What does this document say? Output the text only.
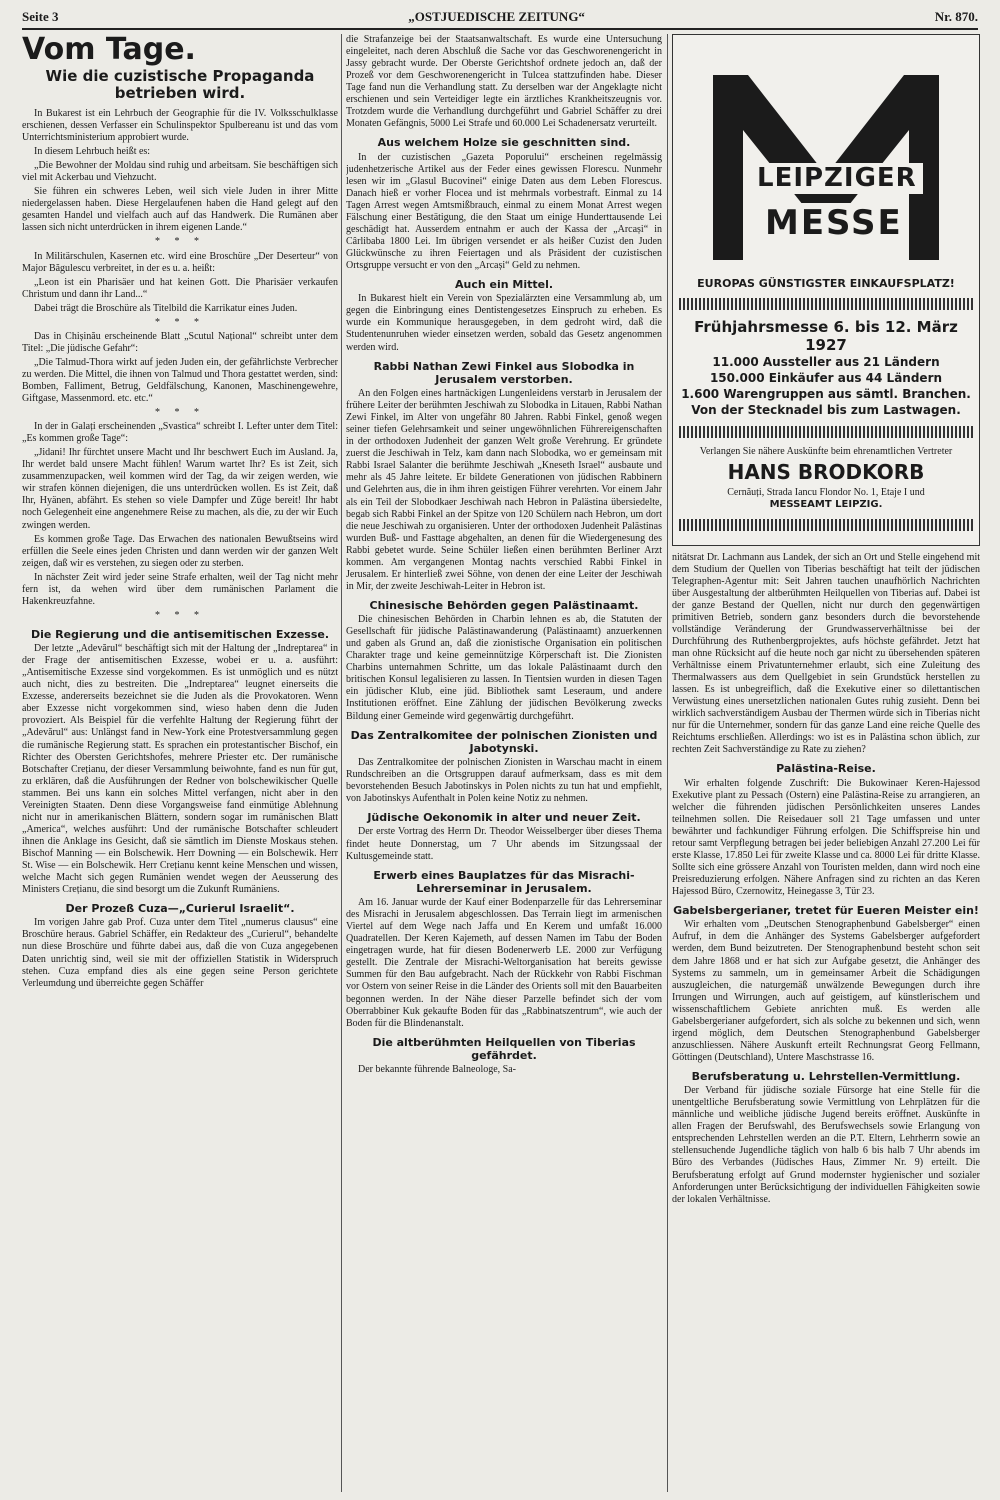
Seite 3	„OSTJUEDISCHE ZEITUNG“	Nr. 870.
Vom Tage.
Wie die cuzistische Propaganda betrieben wird.

In Bukarest ist ein Lehrbuch der Geographie für die IV. Volksschulklasse erschienen, dessen Verfasser ein Schulinspektor Spulbereanu ist und das vom Unterrichtsministerium approbiert wurde.

In diesem Lehrbuch heißt es:

„Die Bewohner der Moldau sind ruhig und arbeitsam. Sie beschäftigen sich viel mit Ackerbau und Viehzucht.

Sie führen ein schweres Leben, weil sich viele Juden in ihrer Mitte niedergelassen haben. Diese Hergelaufenen haben die Hand gelegt auf den gesamten Handel und vielfach auch auf das Handwerk. Die Rumänen aber lassen sich nicht unterdrücken in ihrem eigenen Lande.“

* * *

In Militärschulen, Kasernen etc. wird eine Broschüre „Der Deserteur“ von Major Băgulescu verbreitet, in der es u. a. heißt:

„Leon ist ein Pharisäer und hat keinen Gott. Die Pharisäer verkaufen Christum und dann ihr Land...“

Dabei trägt die Broschüre als Titelbild die Karrikatur eines Juden.

* * *

Das in Chișinău erscheinende Blatt „Scutul Național“ schreibt unter dem Titel: „Die jüdische Gefahr“:

„Die Talmud-Thora wirkt auf jeden Juden ein, der gefährlichste Verbrecher zu werden. Die Mittel, die ihnen von Talmud und Thora gestattet werden, sind: Bomben, Falliment, Betrug, Geldfälschung, Kanonen, Maschinengewehre, Giftgase, Massenmord. etc. etc.“

* * *

In der in Galați erscheinenden „Svastica“ schreibt I. Lefter unter dem Titel: „Es kommen große Tage“:

„Jidani! Ihr fürchtet unsere Macht und Ihr beschwert Euch im Ausland. Ja, Ihr werdet bald unsere Macht fühlen! Warum wartet Ihr? Es ist Zeit, sich zusammenzupacken, weil kommen wird der Tag, da wir zeigen werden, wie wir strafen können diejenigen, die uns unterdrücken wollen. Es ist Zeit, daß Ihr, Hyänen, abfährt. Es stehen so viele Dampfer und Züge bereit! Ihr habt noch Gelegenheit eine angenehmere Reise zu machen, als die, zu der wir Euch zwingen werden.

Es kommen große Tage. Das Erwachen des nationalen Bewußtseins wird erfüllen die Seele eines jeden Christen und dann werden wir der ganzen Welt zeigen, daß wir es verstehen, zu siegen oder zu sterben.

In nächster Zeit wird jeder seine Strafe erhalten, weil der Tag nicht mehr fern ist, da wehen wird über dem rumänischen Parlament die Hakenkreuzfahne.

* * *
Die Regierung und die antisemitischen Exzesse.

Der letzte „Adevărul“ beschäftigt sich mit der Haltung der „Indreptarea“ in der Frage der antisemitischen Exzesse, wobei er u. a. ausführt: „Antisemitische Exzesse sind vorgekommen. Es ist unmöglich und es nützt auch nicht, dies zu bestreiten. Die „Indreptarea“ leugnet einerseits die Exzesse, andererseits bezeichnet sie die Juden als die Provokatoren. Wenn aber Exzesse nicht vorgekommen sind, wieso haben denn die Juden provoziert. Als Beispiel für die verfehlte Haltung der Regierung führt der „Adevărul“ aus: Unlängst fand in New-York eine Protestversammlung gegen die rumänische Regierung statt. Es sprachen ein protestantischer Bischof, ein Richter des Obersten Gerichtshofes, mehrere Priester etc. Der rumänische Botschafter Crețianu, der dieser Versammlung beiwohnte, fand es nun für gut, zu erklären, daß die Ausführungen der Redner von bolschewikischer Quelle stammen. Bei uns kann ein solches Mittel verfangen, nicht aber in den Vereinigten Staaten. Denn diese Vorgangsweise fand einmütige Ablehnung nicht nur in amerikanischen Blättern, sondern sogar im rumänischen Blatt „America“, welches ausführt: Und der rumänische Botschafter schleudert ihnen die Anklage ins Gesicht, daß sie sämtlich im Dienste Moskaus stehen. Bischof Manning — ein Bolschewik. Herr Downing — ein Bolschewik. Herr St. Wise — ein Bolschewik. Herr Crețianu kennt keine Menschen und wissen, welche Macht sich gegen Rumänien wendet wegen der Aeusserung des Ministers Crețianu, die sind besorgt um die Zukunft Rumäniens.

Der Prozeß Cuza—„Curierul Israelit“.

Im vorigen Jahre gab Prof. Cuza unter dem Titel „numerus clausus“ eine Broschüre heraus. Gabriel Schäffer, ein Redakteur des „Curierul“, behandelte nun diese Broschüre und führte dabei aus, daß die von Cuza angegebenen Daten unrichtig sind, weil sie mit der offiziellen Statistik in Widerspruch stehen. Cuza empfand dies als eine gegen seine Person gerichtete Verleumdung und überreichte gegen Schäffer

die Strafanzeige bei der Staatsanwaltschaft. Es wurde eine Untersuchung eingeleitet, nach deren Abschluß die Sache vor das Geschworenengericht in Jassy gebracht wurde. Der Oberste Gerichtshof ordnete jedoch an, daß der Prozeß vor dem Geschworenengericht in Tulcea stattzufinden habe. Dieser Tage fand nun die Verhandlung statt. Zu derselben war der Angeklagte nicht erschienen und sein Verteidiger legte ein ärztliches Krankheitszeugnis vor. Trotzdem wurde die Verhandlung durchgeführt und Gabriel Schäffer zu drei Monaten Gefängnis, 5000 Lei Strafe und 60.000 Lei Schadenersatz verurteilt.

Aus welchem Holze sie geschnitten sind.

In der cuzistischen „Gazeta Poporului“ erscheinen regelmässig judenhetzerische Artikel aus der Feder eines gewissen Florescu. Nunmehr lesen wir im „Glasul Bucovinei“ einige Daten aus dem Leben Florescus. Danach hieß er vorher Flocea und ist mehrmals vorbestraft. Einmal zu 14 Tagen Arrest wegen Amtsmißbrauch, einmal zu einem Monat Arrest wegen Fälschung einer Bestätigung, die den Staat um einige Hunderttausende Lei geschädigt hat. Ausserdem entnahm er auch der Kassa der „Arcași“ in Cârlibaba 1800 Lei. Im übrigen versendet er als heißer Cuzist den Juden Glückwünsche zu ihren Feiertagen und als Präsident der cuzistischen Ortsgruppe versucht er von den „Arcași“ Geld zu nehmen.

Auch ein Mittel.

In Bukarest hielt ein Verein von Spezialärzten eine Versammlung ab, um gegen die Einbringung eines Dentistengesetzes Einspruch zu erheben. Es wurde ein Kommunique herausgegeben, in dem gedroht wird, daß die Studentenunruhen wieder einsetzen werden, sobald das Gesetz angenommen werden wird.

Rabbi Nathan Zewi Finkel aus Slobodka in Jerusalem verstorben.

An den Folgen eines hartnäckigen Lungenleidens verstarb in Jerusalem der frühere Leiter der berühmten Jeschiwah zu Slobodka in Litauen, Rabbi Nathan Zewi Finkel, im Alter von ungefähr 80 Jahren. Rabbi Finkel, genoß wegen seiner tiefen Gelehrsamkeit und seiner ungewöhnlichen Führereigenschaften in der orthodoxen Judenheit der ganzen Welt große Verehrung. Er gründete zuerst die Jeschiwah in Telz, kam dann nach Slobodka, wo er gemeinsam mit Rabbi Israel Salanter die berühmte Jeschiwah „Kneseth Israel“ ausbaute und mehr als 45 Jahre leitete. Er bildete Generationen von jüdischen Rabbinern und Gelehrten aus, die in ihm ihren geistigen Führer verehrten. Vor einem Jahr als ein Teil der Slobodkaer Jeschiwah nach Hebron in Palästina übersiedelte, begab sich Rabbi Finkel an der Spitze von 120 Schülern nach Hebron, um dort die neue Jeschiwah zu organisieren. Unter der orthodoxen Judenheit Palästinas wurden Buß- und Fasttage abgehalten, an denen für die Wiedergenesung des Rabbi gebetet wurde. Seine Schüler ließen einen berühmten Berliner Arzt kommen. Am vergangenen Montag nachts verschied Rabbi Finkel in Jerusalem. Er hinterließ zwei Söhne, von denen der eine Leiter der Jeschiwah in Mir, der zweite Jeschiwah-Leiter in Hebron ist.

Chinesische Behörden gegen Palästinaamt.

Die chinesischen Behörden in Charbin lehnen es ab, die Statuten der Gesellschaft für jüdische Palästinawanderung (Palästinaamt) anzuerkennen und gaben als Grund an, daß die zionistische Organisation ein politischen Charakter trage und keine gemeinnützige Körperschaft ist. Die Zionisten Charbins unternahmen Schritte, um das lokale Palästinaamt durch den britischen Konsul legalisieren zu lassen. In Tientsien wurden in diesen Tagen ein jüdischer Klub, eine jüd. Bibliothek samt Leseraum, und andere Institutionen eröffnet. Eine Zählung der jüdischen Bevölkerung zwecks Bildung einer Gemeinde wird gegenwärtig durchgeführt.

Das Zentralkomitee der polnischen Zionisten und Jabotynski.

Das Zentralkomitee der polnischen Zionisten in Warschau macht in einem Rundschreiben an die Ortsgruppen darauf aufmerksam, dass es mit dem bevorstehenden Besuch Jabotinskys in Polen nichts zu tun hat und empfiehlt, von Jabotinskys Aufenthalt in Polen keine Notiz zu nehmen.

Jüdische Oekonomik in alter und neuer Zeit.

Der erste Vortrag des Herrn Dr. Theodor Weisselberger über dieses Thema findet heute Donnerstag, um 7 Uhr abends im Sitzungssaal der Kultusgemeinde statt.

Erwerb eines Bauplatzes für das Misrachi-Lehrerseminar in Jerusalem.

Am 16. Januar wurde der Kauf einer Bodenparzelle für das Lehrerseminar des Misrachi in Jerusalem abgeschlossen. Das Terrain liegt im armenischen Viertel auf dem Wege nach Jaffa und En Kerem und umfaßt 16.000 Quadratellen. Der Keren Kajemeth, auf dessen Namen im Tabu der Boden eingetragen wurde, hat für diesen Bodenerwerb LE. 2000 zur Verfügung gestellt. Die Zentrale der Misrachi-Weltorganisation hat bereits gewisse Summen für den Bau aufgebracht. Nach der Rückkehr von Rabbi Fischman vor Ostern von seiner Reise in die Länder des Orients soll mit den Bauarbeiten begonnen werden. In der Nähe dieser Parzelle befindet sich der vom Oberrabbiner Kuk gekaufte Boden für das „Rabbinatszentrum“, wie auch der Boden für die Blindenanstalt.

Die altberühmten Heilquellen von Tiberias gefährdet.

Der bekannte führende Balneologe, Sa-

LEIPZIGER
MESSE
EUROPAS GÜNSTIGSTER EINKAUFSPLATZ!
Frühjahrsmesse 6. bis 12. März 1927
11.000 Aussteller aus 21 Ländern
150.000 Einkäufer aus 44 Ländern
1.600 Warengruppen aus sämtl. Branchen.
Von der Stecknadel bis zum Lastwagen.
Verlangen Sie nähere Auskünfte beim ehrenamtlichen Vertreter
HANS BRODKORB
Cernăuți, Strada Iancu Flondor No. 1, Etaje I und
MESSEAMT LEIPZIG.

nitätsrat Dr. Lachmann aus Landek, der sich an Ort und Stelle eingehend mit dem Studium der Quellen von Tiberias beschäftigt hat teilt der jüdischen Telegraphen-Agentur mit: Seit Jahren tauchen unaufhörlich Nachrichten über Ausgestaltung der altberühmten Heilquellen von Tiberias auf. Dabei ist der ganze Bestand der Quellen, nicht nur durch den gegenwärtigen primitiven Betrieb, sondern ganz besonders durch die bevorstehende vollständige Veränderung der Grundwasserverhältnisse bei der Durchführung des Ruthenbergprojektes, aufs höchste gefährdet. Jetzt hat man ohne Rücksicht auf die heute noch gar nicht zu übersehenden späteren Verhältnisse einem Privatunternehmer erlaubt, sich eine Zuleitung des Thermalwassers aus dem Quellgebiet in sein Grundstück herstellen zu lassen. Es ist unbegreiflich, daß die Exekutive einer so dilettantischen Verwüstung eines unersetzlichen nationalen Gutes ruhig zusieht. Denn bei wirklich sachverständigem Ausbau der Thermen würde sich in Tiberias nicht nur für die Unternehmer, sondern für das ganze Land eine reiche Quelle des Reichtums erschließen. Allerdings: wo ist es in Palästina schon üblich, zur rechten Zeit Sachverständige zu Rate zu ziehen?

Palästina-Reise.

Wir erhalten folgende Zuschrift: Die Bukowinaer Keren-Hajessod Exekutive plant zu Pessach (Ostern) eine Palästina-Reise zu arrangieren, an welcher die führenden jüdischen Persönlichkeiten unseres Landes teilnehmen sollen. Die Reisedauer soll 21 Tage umfassen und unter bewährter und fachkundiger Führung erfolgen. Die Schiffspreise hin und retour samt Verpflegung betragen bei jeder beliebigen Anzahl 27.200 Lei für erste Klasse, 17.850 Lei für zweite Klasse und ca. 8000 Lei für dritte Klasse. Sollte sich eine grössere Anzahl von Touristen melden, dann wird noch eine Preisreduzierung erfolgen. Nähere Anfragen sind zu richten an das Keren Hajessod Büro, Czernowitz, Heinegasse 3, Tür 23.

Gabelsbergerianer, tretet für Eueren Meister ein!

Wir erhalten vom „Deutschen Stenographenbund Gabelsberger“ einen Aufruf, in dem die Anhänger des Systems Gabelsberger aufgefordert werden, dem Bund beizutreten. Der Stenographenbund besteht schon seit dem Jahre 1868 und er hat sich zur Aufgabe gesetzt, die Anhänger des Systems zu sammeln, um in gemeinsamer Arbeit die Schädigungen auszugleichen, die naturgemäß unwälzende Bewegungen durch ihre Irrungen und Wirrungen, auch auf geistigem, auf künstlerischem und wissenschaftlichem Gebiete anrichten muß. Es werden alle Gabelsbergerianer aufgefordert, sich als solche zu bekennen und sich, wenn irgend möglich, dem Deutschen Stenographenbund Gabelsberger anzuschliessen. Nähere Auskunft erteilt Rechnungsrat Georg Fellmann, Göttingen (Deutschland), Untere Maschstrasse 16.

Berufsberatung u. Lehrstellen-Vermittlung.

Der Verband für jüdische soziale Fürsorge hat eine Stelle für die unentgeltliche Berufsberatung sowie Vermittlung von Lehrplätzen für die männliche und weibliche jüdische Jugend bereits eröffnet. Auskünfte in allen Fragen der Berufswahl, des Berufswechsels sowie Erlangung von entsprechenden Lehrstellen werden an die P.T. Eltern, Lehrherrn sowie an stellensuchende Jugendliche täglich von halb 6 bis halb 7 Uhr abends im Büro des Verbandes (Jüdisches Haus, Zimmer Nr. 9) erteilt. Die Berufsberatung erfolgt auf Grund modernster hygienischer und sozialer Anforderungen unter Berücksichtigung der individuellen Fähigkeiten sowie der lokalen Verhältnisse.
